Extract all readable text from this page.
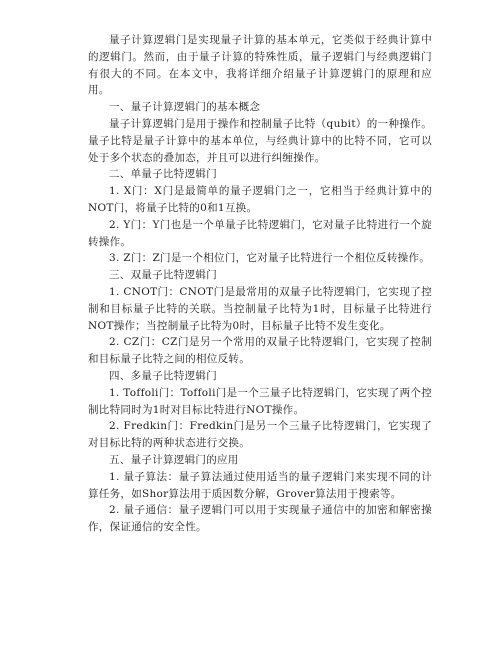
量子计算逻辑门是实现量子计算的基本单元，它类似于经典计算中的逻辑门。然而，由于量子计算的特殊性质，量子逻辑门与经典逻辑门有很大的不同。在本文中，我将详细介绍量子计算逻辑门的原理和应用。

一、量子计算逻辑门的基本概念

量子计算逻辑门是用于操作和控制量子比特（qubit）的一种操作。量子比特是量子计算中的基本单位，与经典计算中的比特不同，它可以处于多个状态的叠加态，并且可以进行纠缠操作。

二、单量子比特逻辑门

1. X门：X门是最简单的量子逻辑门之一，它相当于经典计算中的NOT门，将量子比特的0和1互换。

2. Y门：Y门也是一个单量子比特逻辑门，它对量子比特进行一个旋转操作。

3. Z门：Z门是一个相位门，它对量子比特进行一个相位反转操作。

三、双量子比特逻辑门

1. CNOT门：CNOT门是最常用的双量子比特逻辑门，它实现了控制和目标量子比特的关联。当控制量子比特为1时，目标量子比特进行NOT操作；当控制量子比特为0时，目标量子比特不发生变化。

2. CZ门：CZ门是另一个常用的双量子比特逻辑门，它实现了控制和目标量子比特之间的相位反转。

四、多量子比特逻辑门

1. Toffoli门：Toffoli门是一个三量子比特逻辑门，它实现了两个控制比特同时为1时对目标比特进行NOT操作。

2. Fredkin门：Fredkin门是另一个三量子比特逻辑门，它实现了对目标比特的两种状态进行交换。

五、量子计算逻辑门的应用

1. 量子算法：量子算法通过使用适当的量子逻辑门来实现不同的计算任务，如Shor算法用于质因数分解，Grover算法用于搜索等。

2. 量子通信：量子逻辑门可以用于实现量子通信中的加密和解密操作，保证通信的安全性。
